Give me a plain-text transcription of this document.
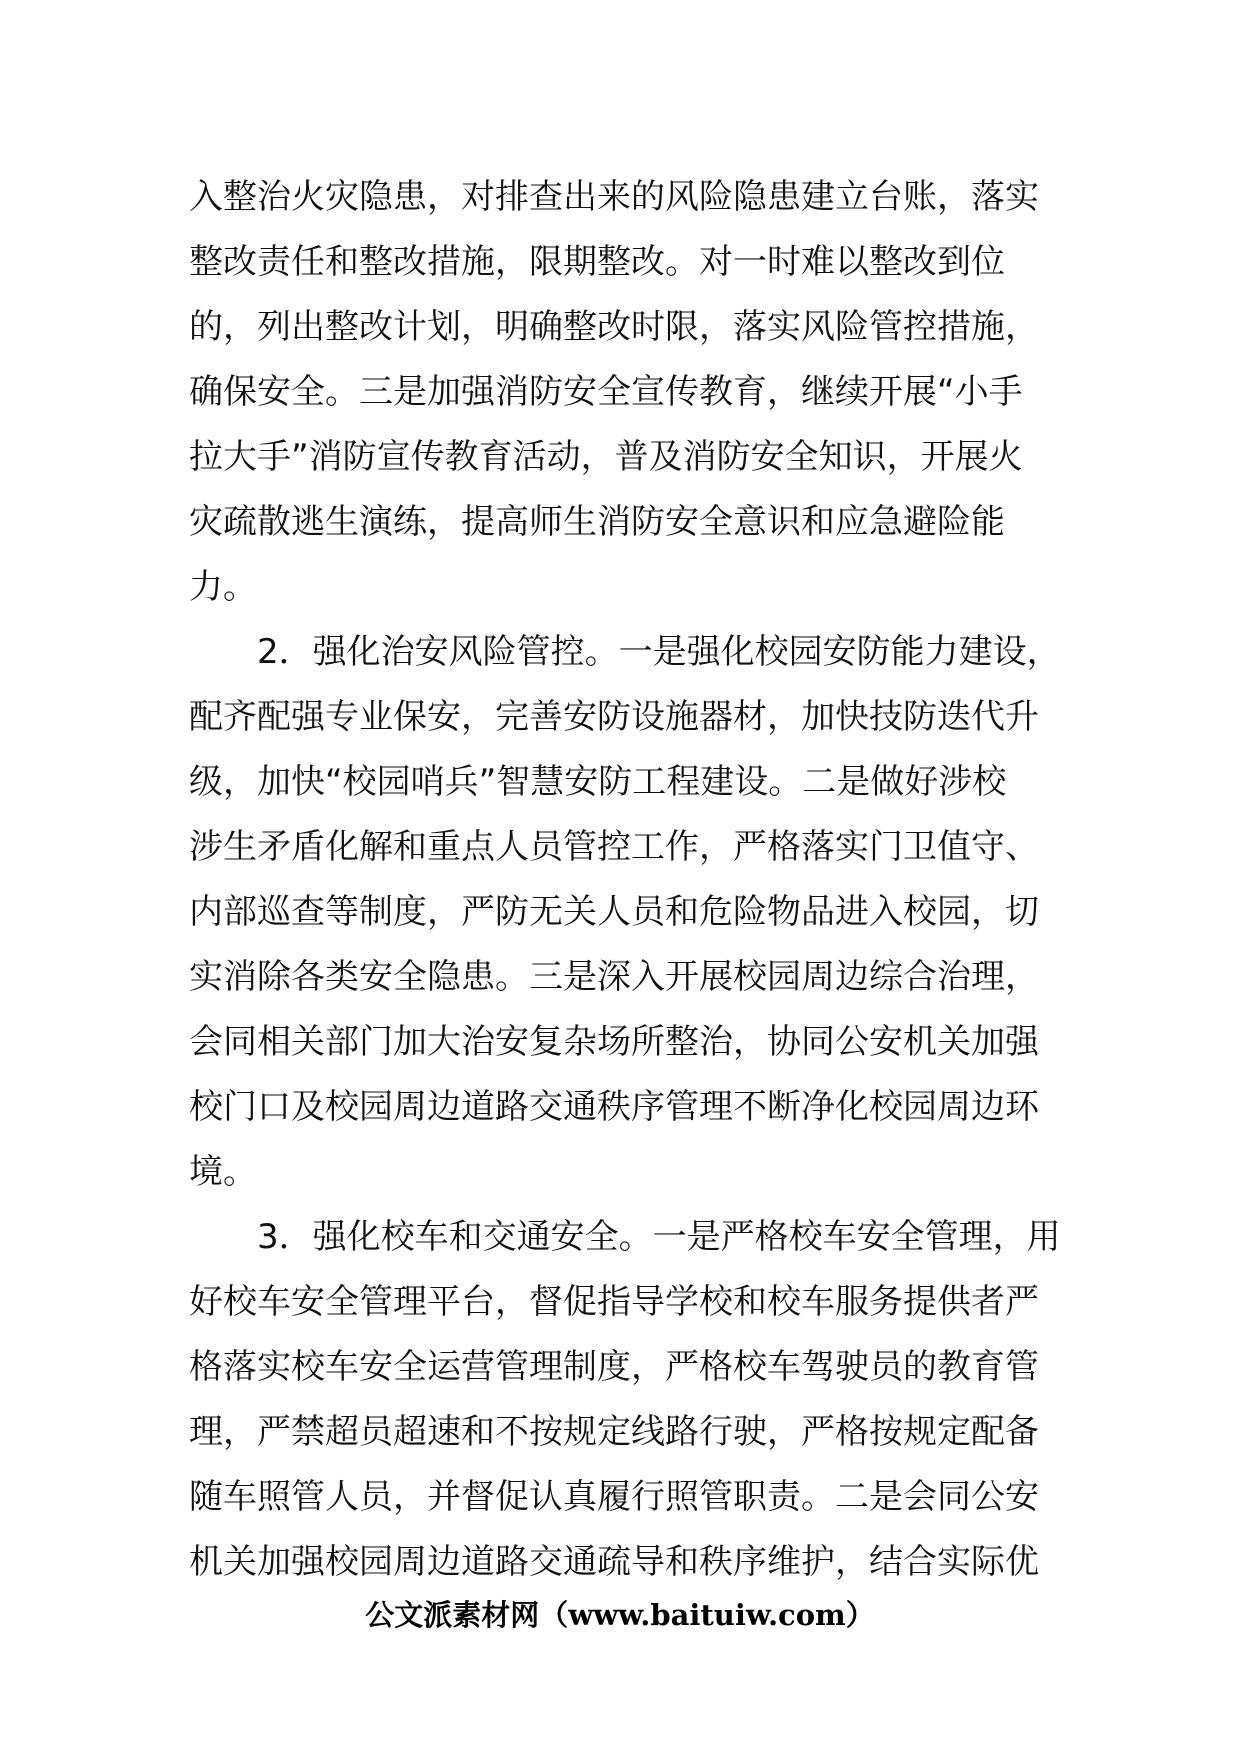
入整治火灾隐患，对排查出来的风险隐患建立台账，落实
整改责任和整改措施，限期整改。对一时难以整改到位
的，列出整改计划，明确整改时限，落实风险管控措施，
确保安全。三是加强消防安全宣传教育，继续开展“小手
拉大手”消防宣传教育活动，普及消防安全知识，开展火
灾疏散逃生演练，提高师生消防安全意识和应急避险能
力。
2．强化治安风险管控。一是强化校园安防能力建设，
配齐配强专业保安，完善安防设施器材，加快技防迭代升
级，加快“校园哨兵”智慧安防工程建设。二是做好涉校
涉生矛盾化解和重点人员管控工作，严格落实门卫值守、
内部巡查等制度，严防无关人员和危险物品进入校园，切
实消除各类安全隐患。三是深入开展校园周边综合治理，
会同相关部门加大治安复杂场所整治，协同公安机关加强
校门口及校园周边道路交通秩序管理不断净化校园周边环
境。
3．强化校车和交通安全。一是严格校车安全管理，用
好校车安全管理平台，督促指导学校和校车服务提供者严
格落实校车安全运营管理制度，严格校车驾驶员的教育管
理，严禁超员超速和不按规定线路行驶，严格按规定配备
随车照管人员，并督促认真履行照管职责。二是会同公安
机关加强校园周边道路交通疏导和秩序维护，结合实际优
公文派素材网（www.baituiw.com）
